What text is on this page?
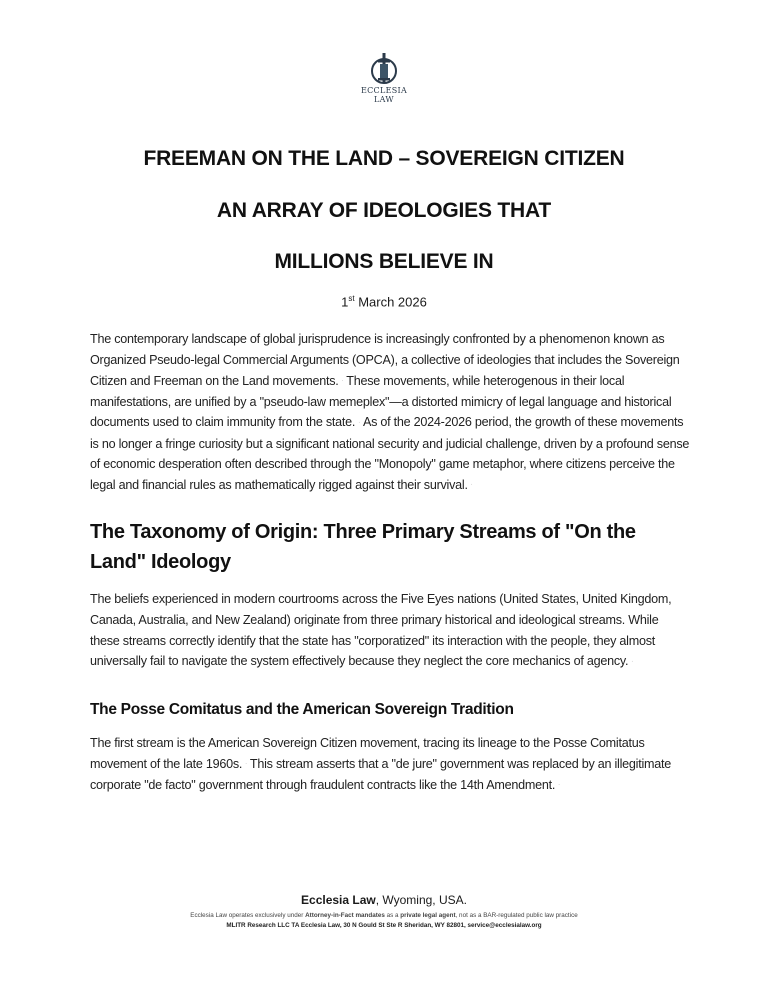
ECCLESIA
LAW
FREEMAN ON THE LAND – SOVEREIGN CITIZEN
AN ARRAY OF IDEOLOGIES THAT
MILLIONS BELIEVE IN
1st March 2026
The contemporary landscape of global jurisprudence is increasingly confronted by a phenomenon known as Organized Pseudo-legal Commercial Arguments (OPCA), a collective of ideologies that includes the Sovereign Citizen and Freeman on the Land movements. · These movements, while heterogenous in their local manifestations, are unified by a "pseudo-law memeplex"—a distorted mimicry of legal language and historical documents used to claim immunity from the state. · As of the 2024-2026 period, the growth of these movements is no longer a fringe curiosity but a significant national security and judicial challenge, driven by a profound sense of economic desperation often described through the "Monopoly" game metaphor, where citizens perceive the legal and financial rules as mathematically rigged against their survival. ·
The Taxonomy of Origin: Three Primary Streams of "On the Land" Ideology
The beliefs experienced in modern courtrooms across the Five Eyes nations (United States, United Kingdom, Canada, Australia, and New Zealand) originate from three primary historical and ideological streams. While these streams correctly identify that the state has "corporatized" its interaction with the people, they almost universally fail to navigate the system effectively because they neglect the core mechanics of agency. ·
The Posse Comitatus and the American Sovereign Tradition
The first stream is the American Sovereign Citizen movement, tracing its lineage to the Posse Comitatus movement of the late 1960s. · This stream asserts that a "de jure" government was replaced by an illegitimate corporate "de facto" government through fraudulent contracts like the 14th Amendment. ·
Ecclesia Law, Wyoming, USA.
Ecclesia Law operates exclusively under Attorney-in-Fact mandates as a private legal agent, not as a BAR-regulated public law practice
MLITR Research LLC TA Ecclesia Law, 30 N Gould St Ste R Sheridan, WY 82801, service@ecclesialaw.org
